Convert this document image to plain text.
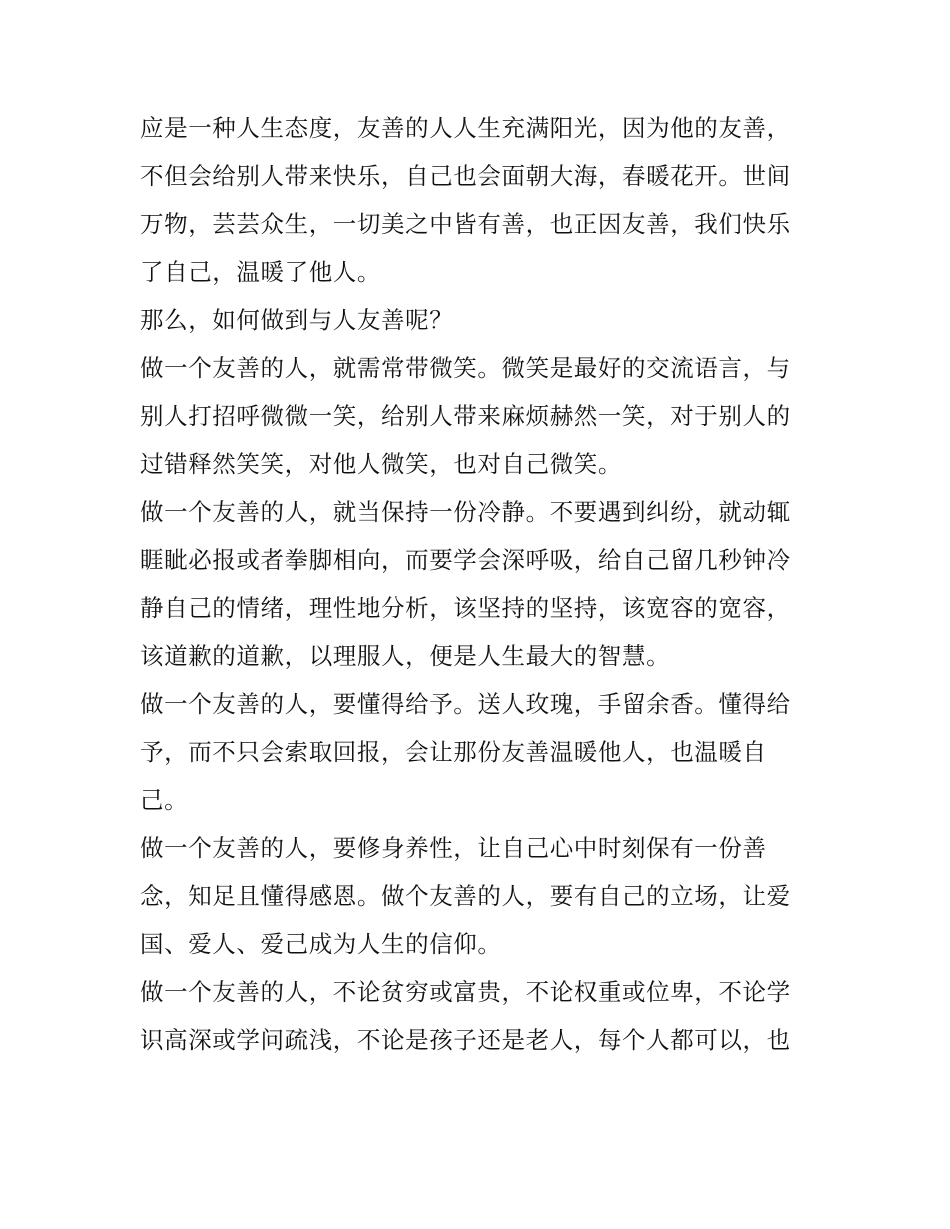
应是一种人生态度，友善的人人生充满阳光，因为他的友善，
不但会给别人带来快乐，自己也会面朝大海，春暖花开。世间
万物，芸芸众生，一切美之中皆有善，也正因友善，我们快乐
了自己，温暖了他人。
那么，如何做到与人友善呢？
做一个友善的人，就需常带微笑。微笑是最好的交流语言，与
别人打招呼微微一笑，给别人带来麻烦赫然一笑，对于别人的
过错释然笑笑，对他人微笑，也对自己微笑。
做一个友善的人，就当保持一份冷静。不要遇到纠纷，就动辄
睚眦必报或者拳脚相向，而要学会深呼吸，给自己留几秒钟冷
静自己的情绪，理性地分析，该坚持的坚持，该宽容的宽容，
该道歉的道歉，以理服人，便是人生最大的智慧。
做一个友善的人，要懂得给予。送人玫瑰，手留余香。懂得给
予，而不只会索取回报，会让那份友善温暖他人，也温暖自
己。
做一个友善的人，要修身养性，让自己心中时刻保有一份善
念，知足且懂得感恩。做个友善的人，要有自己的立场，让爱
国、爱人、爱己成为人生的信仰。
做一个友善的人，不论贫穷或富贵，不论权重或位卑，不论学
识高深或学问疏浅，不论是孩子还是老人，每个人都可以，也
